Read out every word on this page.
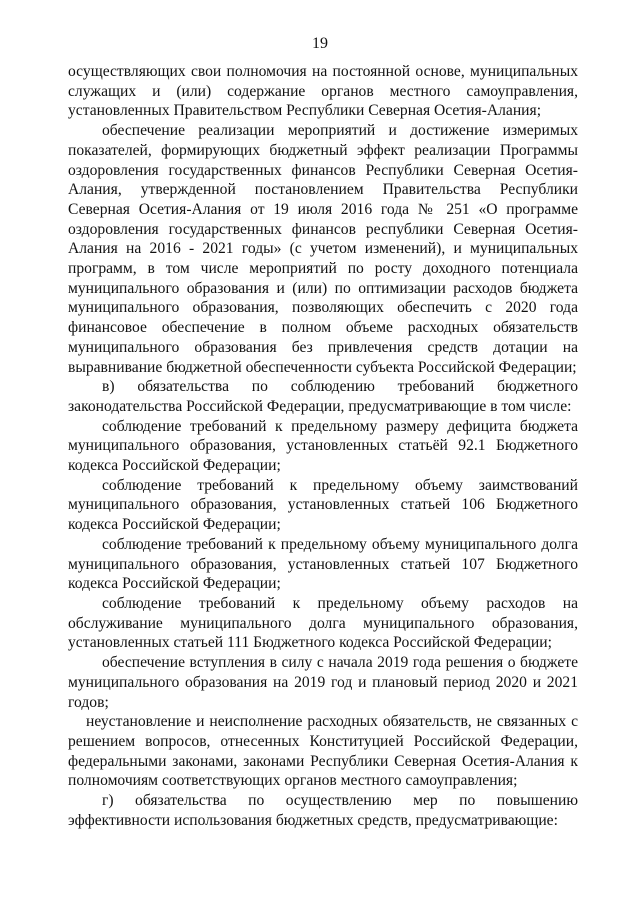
19

осуществляющих свои полномочия на постоянной основе, муниципальных служащих и (или) содержание органов местного самоуправления, установленных Правительством Республики Северная Осетия-Алания;

обеспечение реализации мероприятий и достижение измеримых показателей, формирующих бюджетный эффект реализации Программы оздоровления государственных финансов Республики Северная Осетия-Алания, утвержденной постановлением Правительства Республики Северная Осетия-Алания от 19 июля 2016 года № 251 «О программе оздоровления государственных финансов республики Северная Осетия-Алания на 2016 - 2021 годы» (с учетом изменений), и муниципальных программ, в том числе мероприятий по росту доходного потенциала муниципального образования и (или) по оптимизации расходов бюджета муниципального образования, позволяющих обеспечить с 2020 года финансовое обеспечение в полном объеме расходных обязательств муниципального образования без привлечения средств дотации на выравнивание бюджетной обеспеченности субъекта Российской Федерации;

в) обязательства по соблюдению требований бюджетного законодательства Российской Федерации, предусматривающие в том числе:

соблюдение требований к предельному размеру дефицита бюджета муниципального образования, установленных статьёй 92.1 Бюджетного кодекса Российской Федерации;

соблюдение требований к предельному объему заимствований муниципального образования, установленных статьей 106 Бюджетного кодекса Российской Федерации;

соблюдение требований к предельному объему муниципального долга муниципального образования, установленных статьей 107 Бюджетного кодекса Российской Федерации;

соблюдение требований к предельному объему расходов на обслуживание муниципального долга муниципального образования, установленных статьей 111 Бюджетного кодекса Российской Федерации;

обеспечение вступления в силу с начала 2019 года решения о бюджете муниципального образования на 2019 год и плановый период 2020 и 2021 годов;

неустановление и неисполнение расходных обязательств, не связанных с решением вопросов, отнесенных Конституцией Российской Федерации, федеральными законами, законами Республики Северная Осетия-Алания к полномочиям соответствующих органов местного самоуправления;

г) обязательства по осуществлению мер по повышению эффективности использования бюджетных средств, предусматривающие:
